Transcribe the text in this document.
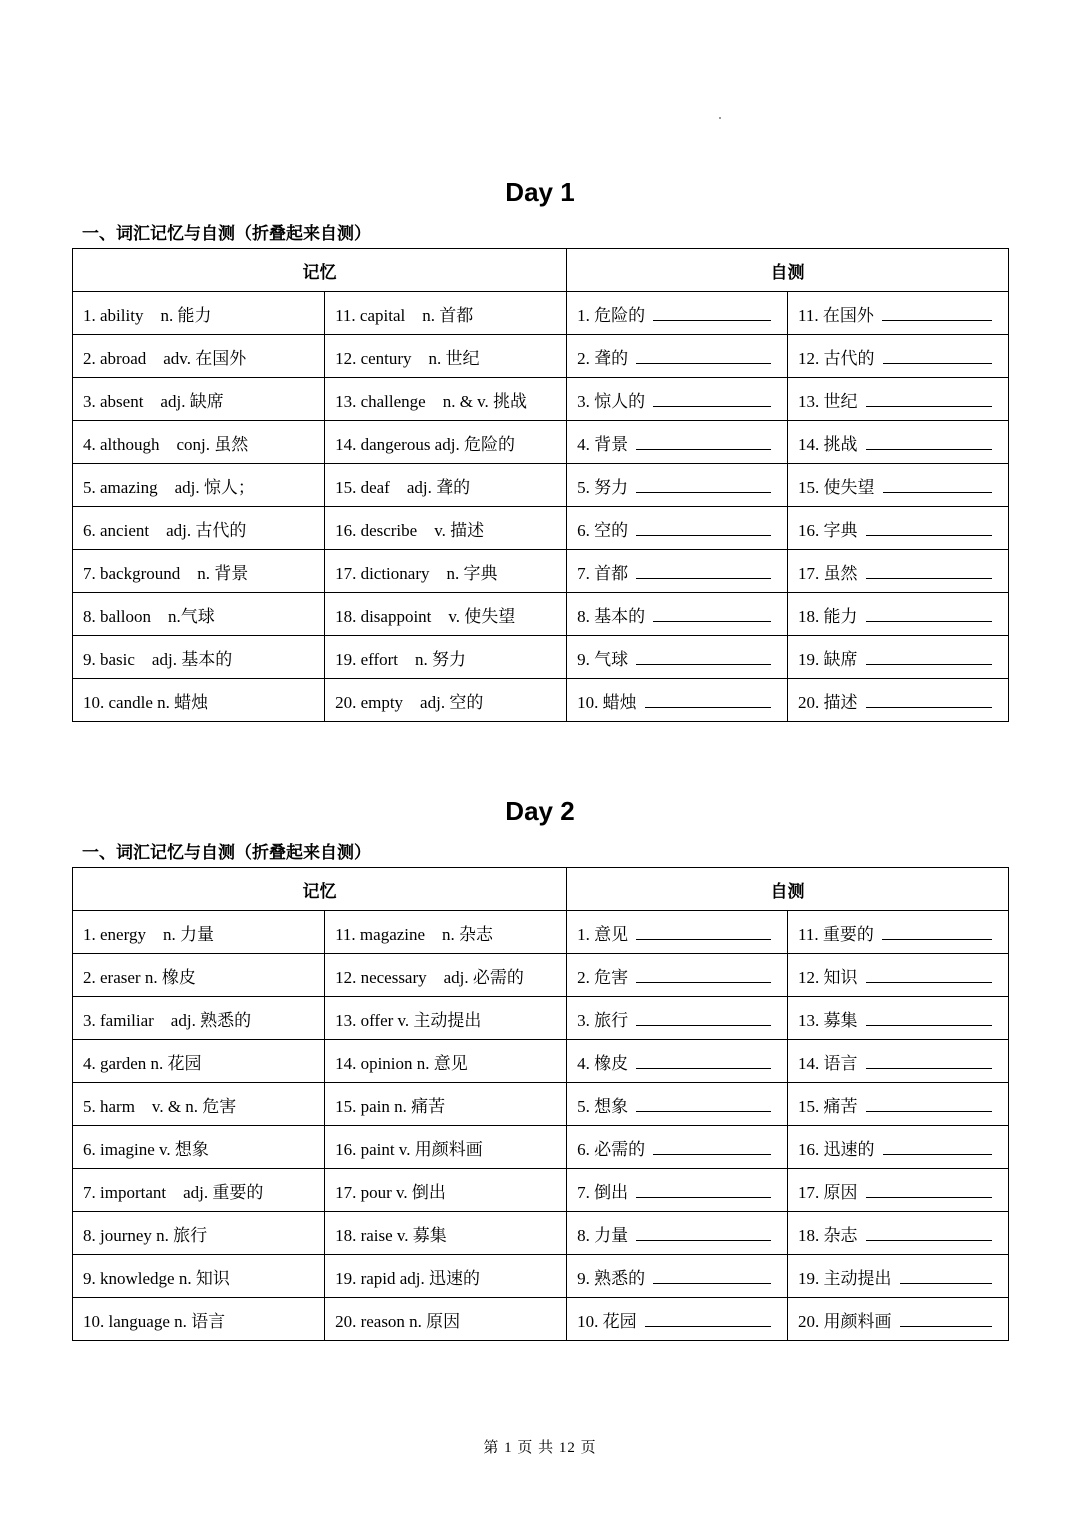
Day 1
一、词汇记忆与自测（折叠起来自测）
记忆		自测	
1. ability　n. 能力	11. capital　n. 首都	1. 危险的	11. 在国外
2. abroad　adv. 在国外	12. century　n. 世纪	2. 聋的	12. 古代的
3. absent　adj. 缺席	13. challenge　n. & v. 挑战	3. 惊人的	13. 世纪
4. although　conj. 虽然	14. dangerous adj. 危险的	4. 背景	14. 挑战
5. amazing　adj. 惊人；	15. deaf　adj. 聋的	5. 努力	15. 使失望
6. ancient　adj. 古代的	16. describe　v. 描述	6. 空的	16. 字典
7. background　n. 背景	17. dictionary　n. 字典	7. 首都	17. 虽然
8. balloon　n.气球	18. disappoint　v. 使失望	8. 基本的	18. 能力
9. basic　adj. 基本的	19. effort　n. 努力	9. 气球	19. 缺席
10. candle n. 蜡烛	20. empty　adj. 空的	10. 蜡烛	20. 描述
Day 2
一、词汇记忆与自测（折叠起来自测）
记忆		自测	
1. energy　n. 力量	11. magazine　n. 杂志	1. 意见	11. 重要的
2. eraser n. 橡皮	12. necessary　adj. 必需的	2. 危害	12. 知识
3. familiar　adj. 熟悉的	13. offer v. 主动提出	3. 旅行	13. 募集
4. garden n. 花园	14. opinion n. 意见	4. 橡皮	14. 语言
5. harm　v. & n. 危害	15. pain n. 痛苦	5. 想象	15. 痛苦
6. imagine v. 想象	16. paint v. 用颜料画	6. 必需的	16. 迅速的
7. important　adj. 重要的	17. pour v. 倒出	7. 倒出	17. 原因
8. journey n. 旅行	18. raise v. 募集	8. 力量	18. 杂志
9. knowledge n. 知识	19. rapid adj. 迅速的	9. 熟悉的	19. 主动提出
10. language n. 语言	20. reason n. 原因	10. 花园	20. 用颜料画
第 1 页 共 12 页
